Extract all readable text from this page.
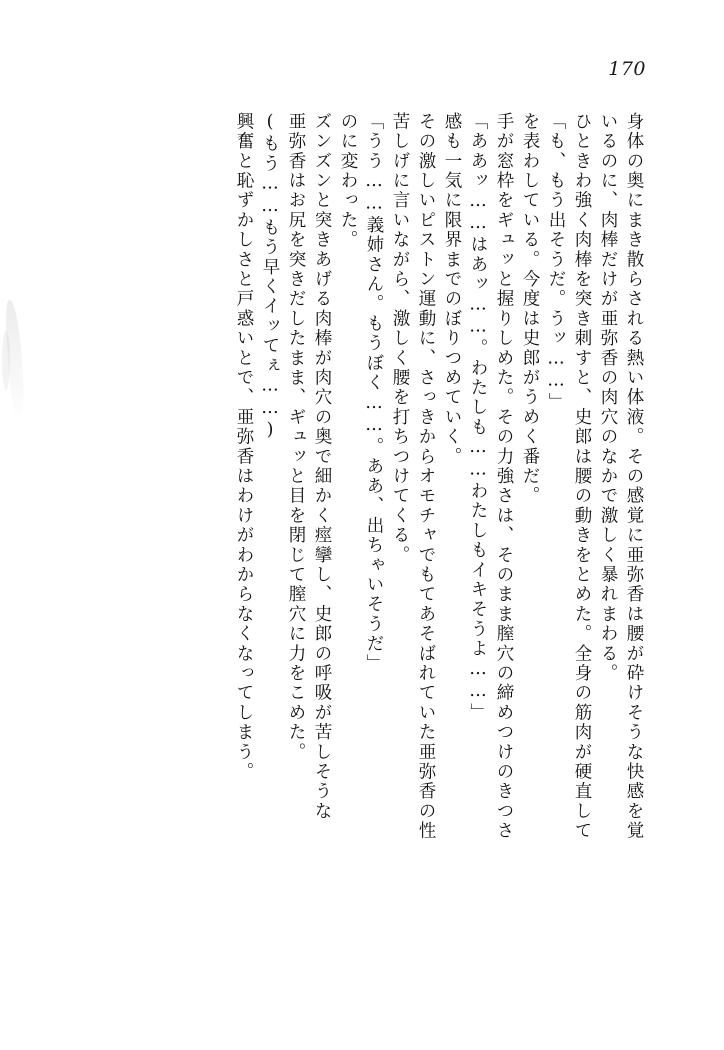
170
興奮と恥ずかしさと戸惑いとで、亜弥香はわけがわからなくなってしまう。 (もう……もう早くイッてぇ……) 亜弥香はお尻を突きだしたまま、ギュッと目を閉じて膣穴に力をこめた。 ズンズンと突きあげる肉棒が肉穴の奥で細かく痙攣し、史郎の呼吸が苦しそうな のに変わった。 「うう……義姉さん。もうぼく……。ああ、出ちゃいそうだ」 苦しげに言いながら、激しく腰を打ちつけてくる。 その激しいピストン運動に、さっきからオモチャでもてあそばれていた亜弥香の性 感も一気に限界までのぼりつめていく。 「ああッ……はあッ……。わたしも……わたしもイキそうよ……」 手が窓枠をギュッと握りしめた。その力強さは、そのまま膣穴の締めつけのきつさ を表わしている。今度は史郎がうめく番だ。 「も、もう出そうだ。うッ……」 ひときわ強く肉棒を突き刺すと、史郎は腰の動きをとめた。全身の筋肉が硬直して いるのに、肉棒だけが亜弥香の肉穴のなかで激しく暴れまわる。 身体の奥にまき散らされる熱い体液。その感覚に亜弥香は腰が砕けそうな快感を覚
